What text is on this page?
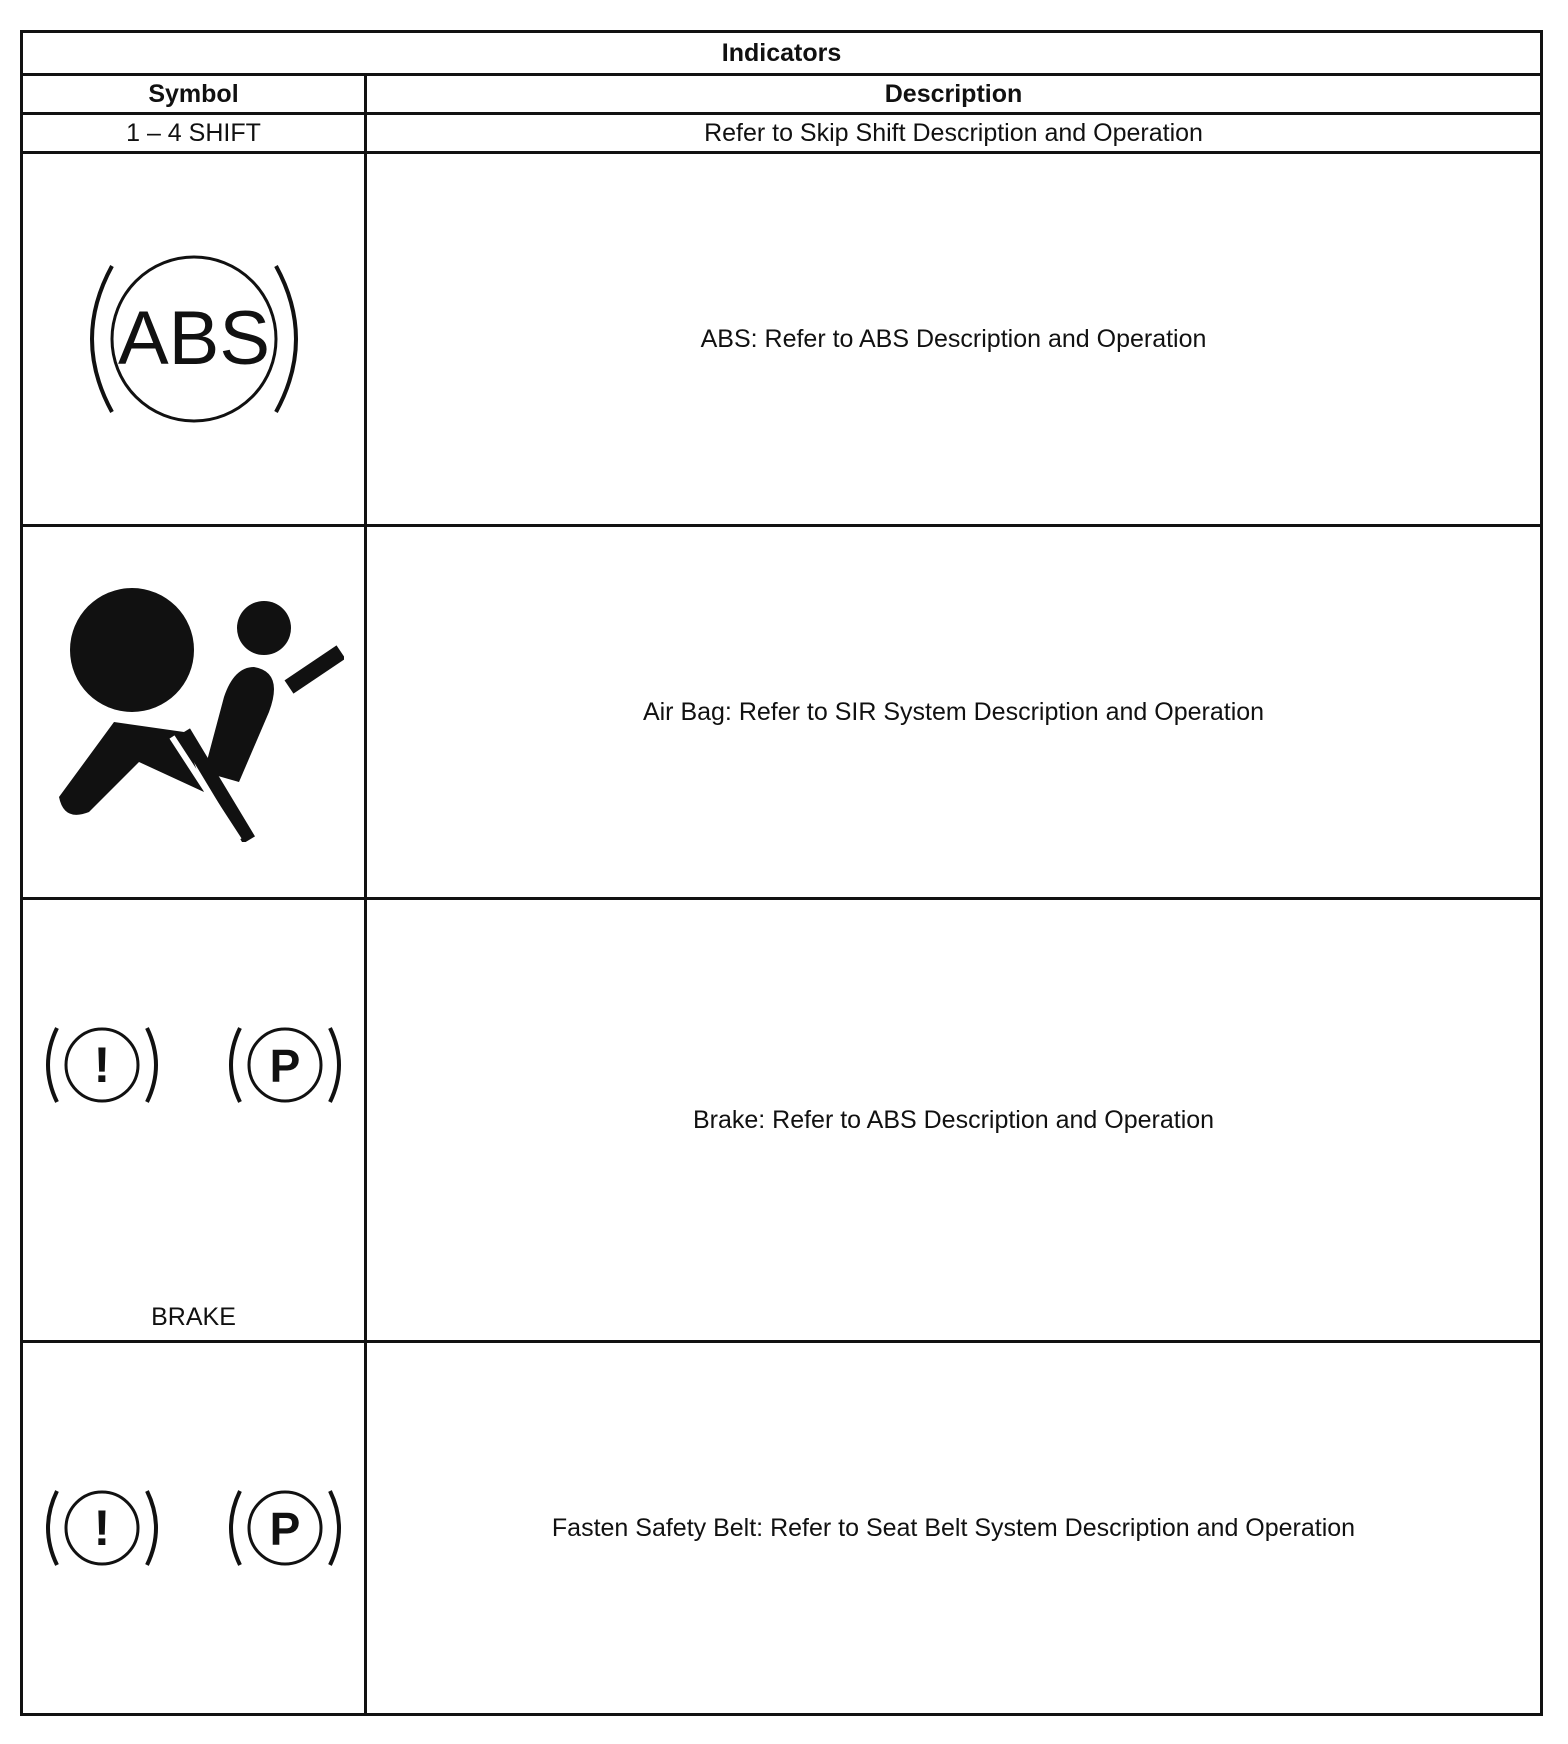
Indicators	
Symbol	Description
1 – 4 SHIFT	Refer to Skip Shift Description and Operation

ABS	ABS: Refer to ABS Description and Operation

	Air Bag: Refer to SIR System Description and Operation

! P
BRAKE	Brake: Refer to ABS Description and Operation

! P	Fasten Safety Belt: Refer to Seat Belt System Description and Operation
